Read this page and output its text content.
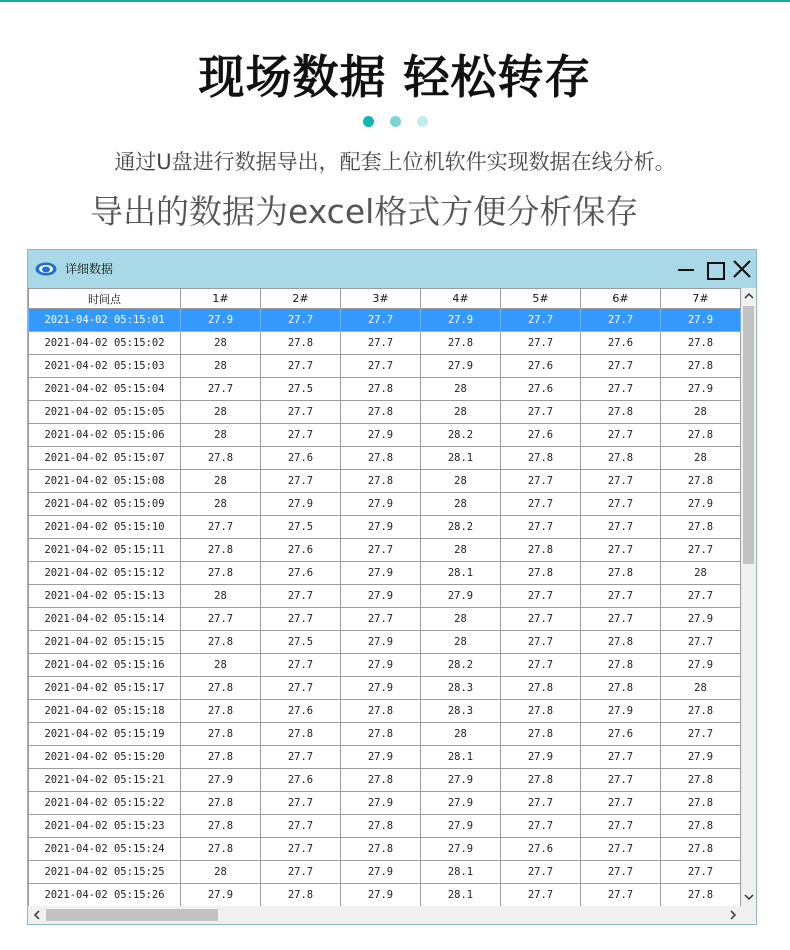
现场数据 轻松转存
通过U盘进行数据导出，配套上位机软件实现数据在线分析。
导出的数据为excel格式方便分析保存
详细数据
时间点	1#	2#	3#	4#	5#	6#	7#
2021-04-02 05:15:01	27.9	27.7	27.7	27.9	27.7	27.7	27.9
2021-04-02 05:15:02	28	27.8	27.7	27.8	27.7	27.6	27.8
2021-04-02 05:15:03	28	27.7	27.7	27.9	27.6	27.7	27.8
2021-04-02 05:15:04	27.7	27.5	27.8	28	27.6	27.7	27.9
2021-04-02 05:15:05	28	27.7	27.8	28	27.7	27.8	28
2021-04-02 05:15:06	28	27.7	27.9	28.2	27.6	27.7	27.8
2021-04-02 05:15:07	27.8	27.6	27.8	28.1	27.8	27.8	28
2021-04-02 05:15:08	28	27.7	27.8	28	27.7	27.7	27.8
2021-04-02 05:15:09	28	27.9	27.9	28	27.7	27.7	27.9
2021-04-02 05:15:10	27.7	27.5	27.9	28.2	27.7	27.7	27.8
2021-04-02 05:15:11	27.8	27.6	27.7	28	27.8	27.7	27.7
2021-04-02 05:15:12	27.8	27.6	27.9	28.1	27.8	27.8	28
2021-04-02 05:15:13	28	27.7	27.9	27.9	27.7	27.7	27.7
2021-04-02 05:15:14	27.7	27.7	27.7	28	27.7	27.7	27.9
2021-04-02 05:15:15	27.8	27.5	27.9	28	27.7	27.8	27.7
2021-04-02 05:15:16	28	27.7	27.9	28.2	27.7	27.8	27.9
2021-04-02 05:15:17	27.8	27.7	27.9	28.3	27.8	27.8	28
2021-04-02 05:15:18	27.8	27.6	27.8	28.3	27.8	27.9	27.8
2021-04-02 05:15:19	27.8	27.8	27.8	28	27.8	27.6	27.7
2021-04-02 05:15:20	27.8	27.7	27.9	28.1	27.9	27.7	27.9
2021-04-02 05:15:21	27.9	27.6	27.8	27.9	27.8	27.7	27.8
2021-04-02 05:15:22	27.8	27.7	27.9	27.9	27.7	27.7	27.8
2021-04-02 05:15:23	27.8	27.7	27.8	27.9	27.7	27.7	27.8
2021-04-02 05:15:24	27.8	27.7	27.8	27.9	27.6	27.7	27.8
2021-04-02 05:15:25	28	27.7	27.9	28.1	27.7	27.7	27.7
2021-04-02 05:15:26	27.9	27.8	27.9	28.1	27.7	27.7	27.8
